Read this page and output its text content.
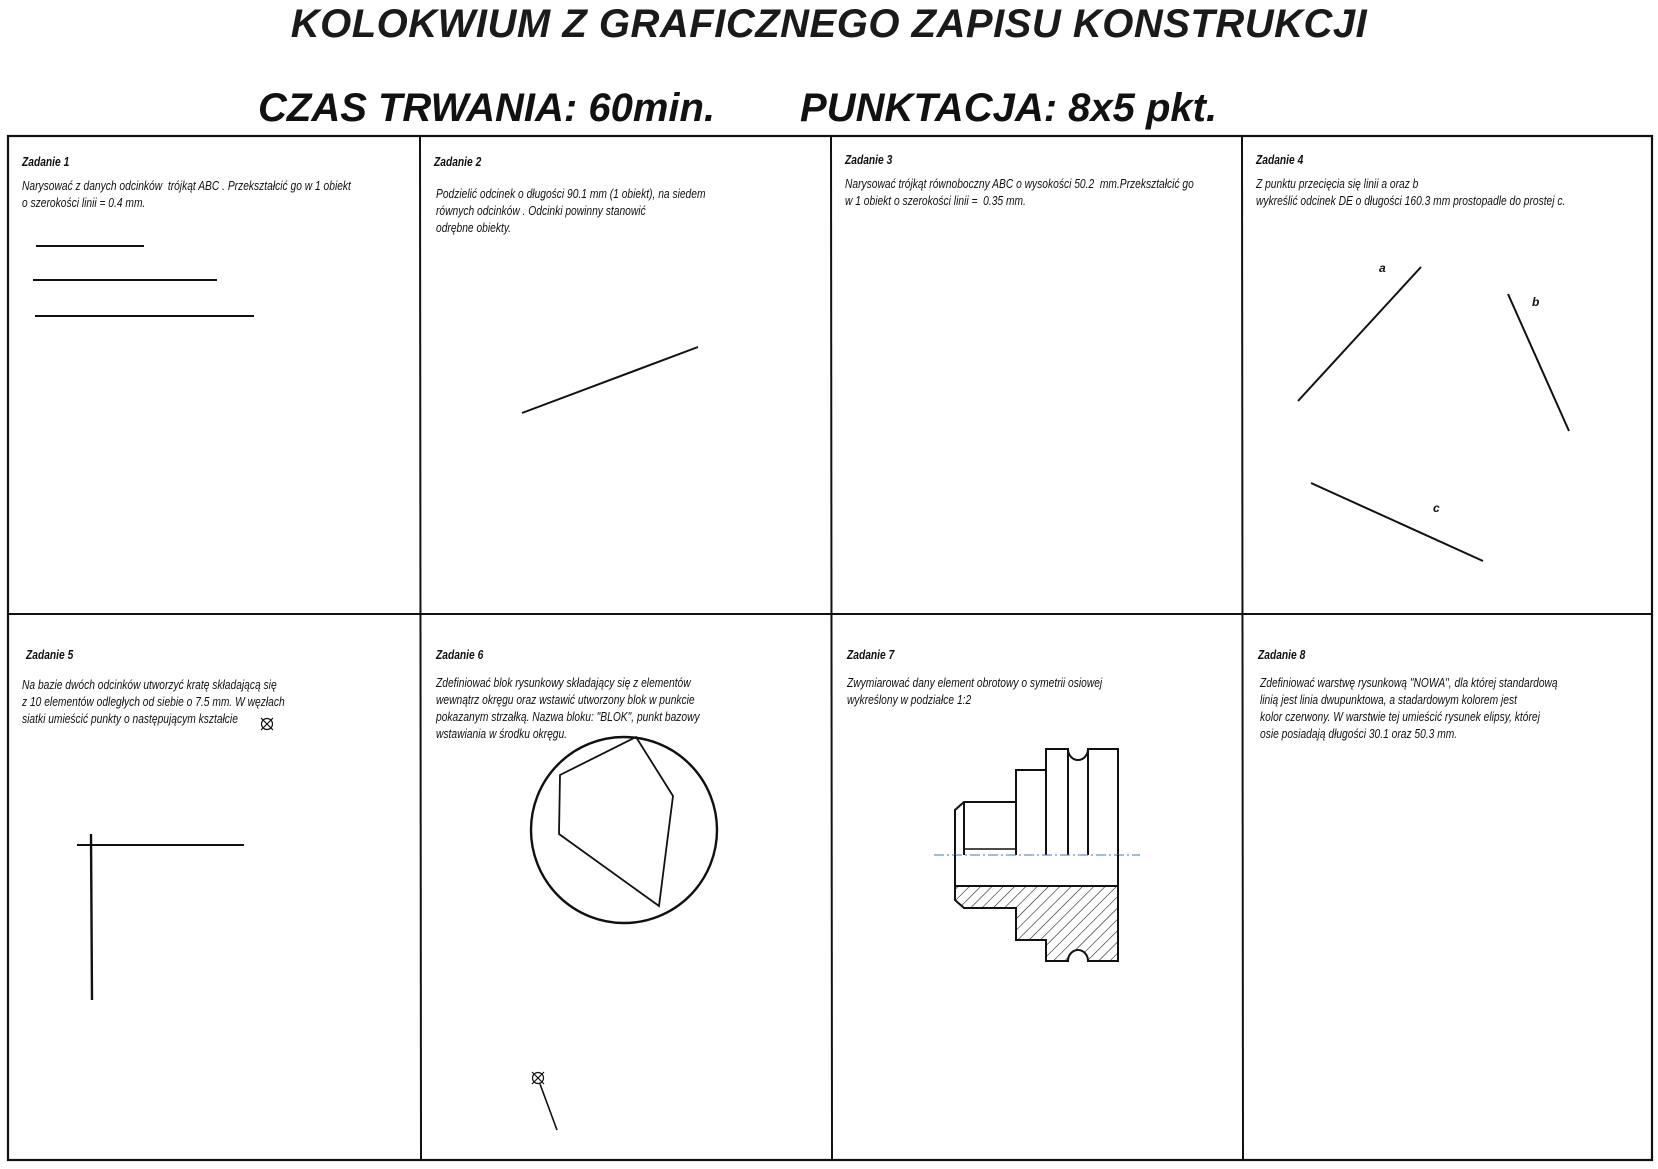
KOLOKWIUM Z GRAFICZNEGO ZAPISU KONSTRUKCJI
CZAS TRWANIA: 60min. PUNKTACJA: 8x5 pkt.
Zadanie 1
Narysować z danych odcinków  trójkąt ABC . Przekształcić go w 1 obiekt
o szerokości linii = 0.4 mm.
Zadanie 2
Podzielić odcinek o długości 90.1 mm (1 obiekt), na siedem
równych odcinków . Odcinki powinny stanowić
odrębne obiekty.
Zadanie 3
Narysować trójkąt równoboczny ABC o wysokości 50.2  mm.Przekształcić go
w 1 obiekt o szerokości linii =  0.35 mm.
Zadanie 4
Z punktu przecięcia się linii a oraz b
wykreślić odcinek DE o długości 160.3 mm prostopadle do prostej c.
a
b
c
Zadanie 5
Na bazie dwóch odcinków utworzyć kratę składającą się
z 10 elementów odległych od siebie o 7.5 mm. W węzłach
siatki umieścić punkty o następującym kształcie
Zadanie 6
Zdefiniować blok rysunkowy składający się z elementów
wewnątrz okręgu oraz wstawić utworzony blok w punkcie
pokazanym strzałką. Nazwa bloku: "BLOK", punkt bazowy
wstawiania w środku okręgu.
Zadanie 7
Zwymiarować dany element obrotowy o symetrii osiowej
wykreślony w podziałce 1:2
Zadanie 8
Zdefiniować warstwę rysunkową "NOWA", dla której standardową
linią jest linia dwupunktowa, a stadardowym kolorem jest
kolor czerwony. W warstwie tej umieścić rysunek elipsy, której
osie posiadają długości 30.1 oraz 50.3 mm.
